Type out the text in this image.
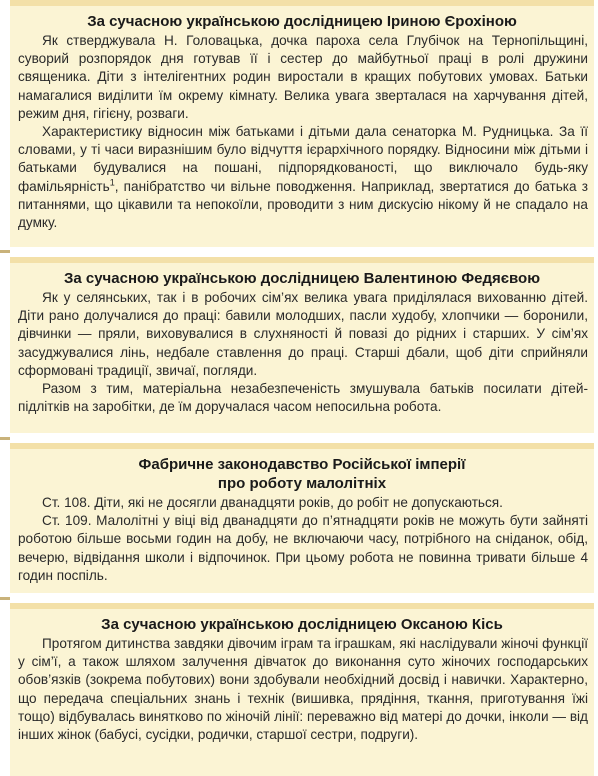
За сучасною українською дослідницею Іриною Єрохіною

Як стверджувала Н. Головацька, дочка пароха села Глубічок на Тернопільщині, суворий розпорядок дня готував її і сестер до майбутньої праці в ролі дружини священика. Діти з інтелігентних родин виростали в кращих побутових умовах. Батьки намагалися виділити їм окрему кімнату. Велика увага зверталася на харчування дітей, режим дня, гігієну, розваги.

Характеристику відносин між батьками і дітьми дала сенаторка М. Рудницька. За її словами, у ті часи виразнішим було відчуття ієрархічного порядку. Відносини між дітьми і батьками будувалися на пошані, підпорядкованості, що виключало будь-яку фамільярність$^1$, панібратство чи вільне поводження. Наприклад, звертатися до батька з питаннями, що цікавили та непокоїли, проводити з ним дискусію нікому й не спадало на думку.

За сучасною українською дослідницею Валентиною Федяєвою

Як у селянських, так і в робочих сім’ях велика увага приділялася вихованню дітей. Діти рано долучалися до праці: бавили молодших, пасли худобу, хлопчики — боронили, дівчинки — пряли, виховувалися в слухняності й повазі до рідних і старших. У сім’ях засуджувалися лінь, недбале ставлення до праці. Старші дбали, щоб діти сприйняли сформовані традиції, звичаї, погляди.

Разом з тим, матеріальна незабезпеченість змушувала батьків посилати дітей-підлітків на заробітки, де їм доручалася часом непосильна робота.

Фабричне законодавство Російської імперії
про роботу малолітніх

Ст. 108. Діти, які не досягли дванадцяти років, до робіт не допускаються.

Ст. 109. Малолітні у віці від дванадцяти до п’ятнадцяти років не можуть бути зайняті роботою більше восьми годин на добу, не включаючи часу, потрібного на сніданок, обід, вечерю, відвідання школи і відпочинок. При цьому робота не повинна тривати більше 4 годин поспіль.

За сучасною українською дослідницею Оксаною Кісь

Протягом дитинства завдяки дівочим іграм та іграшкам, які наслідували жіночі функції у сім’ї, а також шляхом залучення дівчаток до виконання суто жіночих господарських обов’язків (зокрема побутових) вони здобували необхідний досвід і навички. Характерно, що передача спеціальних знань і технік (вишивка, прядіння, ткання, приготування їжі тощо) відбувалась винятково по жіночій лінії: переважно від матері до дочки, інколи — від інших жінок (бабусі, сусідки, родички, старшої сестри, подруги).
